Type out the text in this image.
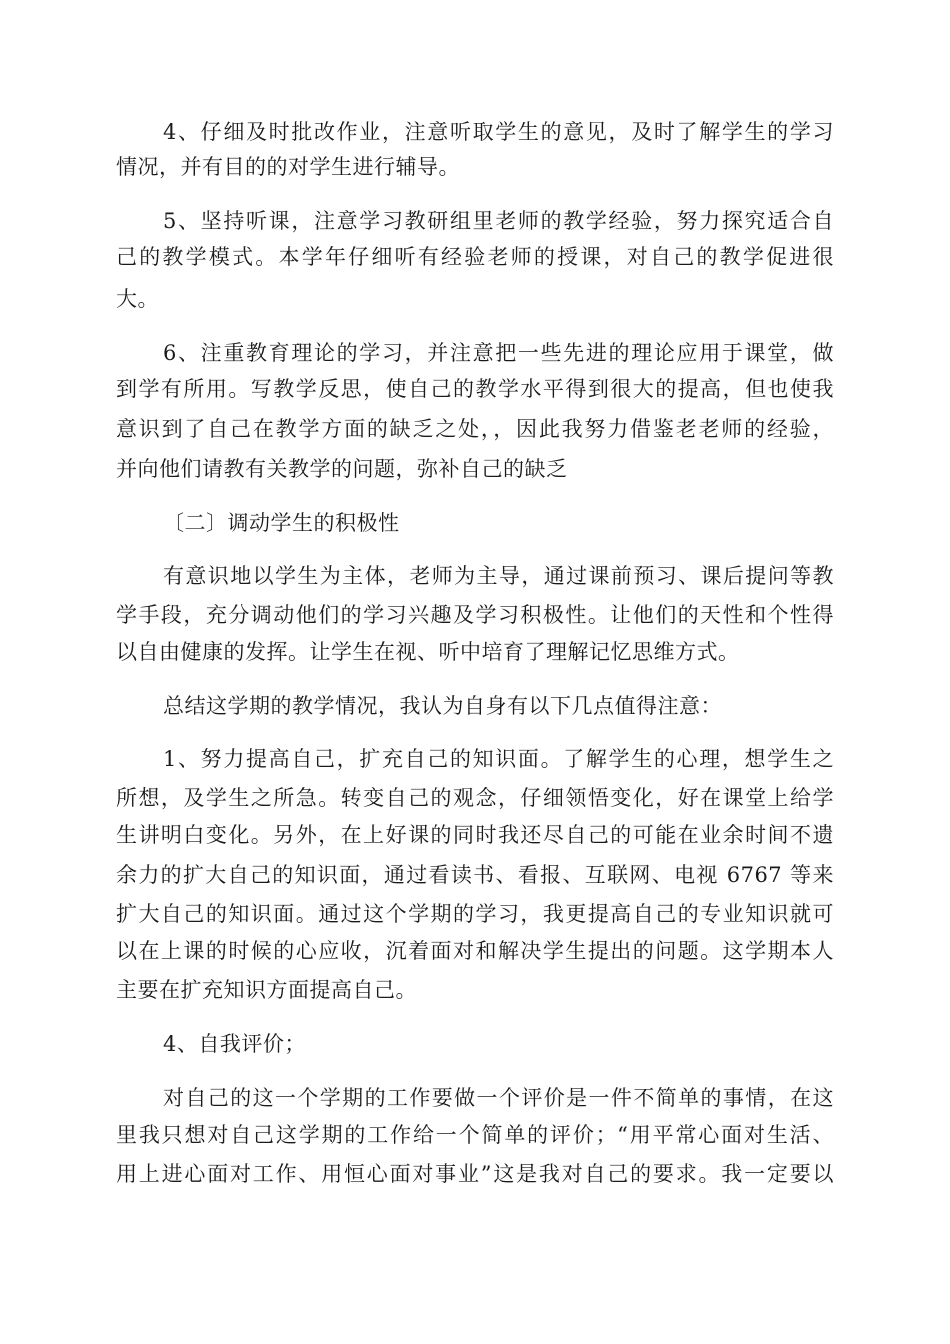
4、仔细及时批改作业，注意听取学生的意见，及时了解学生的学习

情况，并有目的的对学生进行辅导。

5、坚持听课，注意学习教研组里老师的教学经验，努力探究适合自

己的教学模式。本学年仔细听有经验老师的授课，对自己的教学促进很

大。

6、注重教育理论的学习，并注意把一些先进的理论应用于课堂，做

到学有所用。写教学反思，使自己的教学水平得到很大的提高，但也使我

意识到了自己在教学方面的缺乏之处，，因此我努力借鉴老老师的经验，

并向他们请教有关教学的问题，弥补自己的缺乏

〔二〕调动学生的积极性

有意识地以学生为主体，老师为主导，通过课前预习、课后提问等教

学手段，充分调动他们的学习兴趣及学习积极性。让他们的天性和个性得

以自由健康的发挥。让学生在视、听中培育了理解记忆思维方式。

总结这学期的教学情况，我认为自身有以下几点值得注意：

1、努力提高自己，扩充自己的知识面。了解学生的心理，想学生之

所想，及学生之所急。转变自己的观念，仔细领悟变化，好在课堂上给学

生讲明白变化。另外，在上好课的同时我还尽自己的可能在业余时间不遗

余力的扩大自己的知识面，通过看读书、看报、互联网、电视 6767 等来

扩大自己的知识面。通过这个学期的学习，我更提高自己的专业知识就可

以在上课的时候的心应收，沉着面对和解决学生提出的问题。这学期本人

主要在扩充知识方面提高自己。

4、自我评价；

对自己的这一个学期的工作要做一个评价是一件不简单的事情，在这

里我只想对自己这学期的工作给一个简单的评价；“用平常心面对生活、

用上进心面对工作、用恒心面对事业”这是我对自己的要求。我一定要以
